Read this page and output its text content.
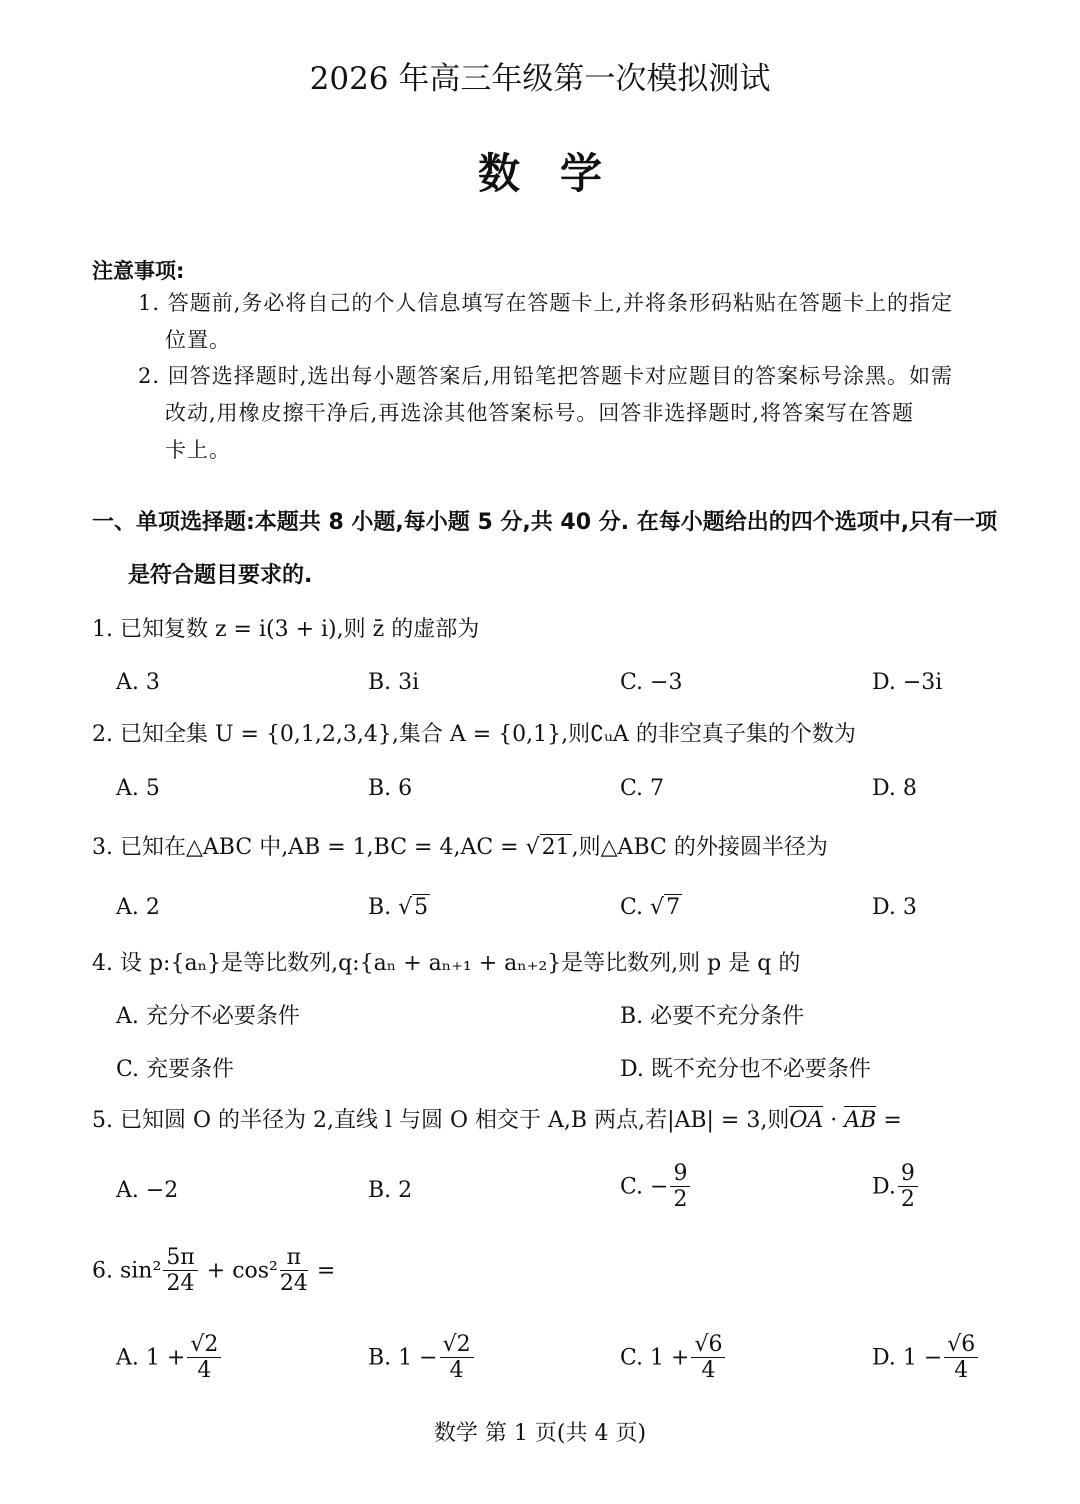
2026 年高三年级第一次模拟测试
数学
注意事项:
1. 答题前,务必将自己的个人信息填写在答题卡上,并将条形码粘贴在答题卡上的指定
位置。
2. 回答选择题时,选出每小题答案后,用铅笔把答题卡对应题目的答案标号涂黑。如需
改动,用橡皮擦干净后,再选涂其他答案标号。回答非选择题时,将答案写在答题
卡上。
一、单项选择题:本题共 8 小题,每小题 5 分,共 40 分. 在每小题给出的四个选项中,只有一项
是符合题目要求的.
1. 已知复数 z = i(3 + i),则 z̄ 的虚部为
A. 3	B. 3i	C. −3	D. −3i
2. 已知全集 U = {0,1,2,3,4},集合 A = {0,1},则∁ᵤA 的非空真子集的个数为
A. 5	B. 6	C. 7	D. 8
3. 已知在△ABC 中,AB = 1,BC = 4,AC = √21,则△ABC 的外接圆半径为
A. 2	B. √5	C. √7	D. 3
4. 设 p:{aₙ}是等比数列,q:{aₙ + aₙ₊₁ + aₙ₊₂}是等比数列,则 p 是 q 的
A. 充分不必要条件	B. 必要不充分条件
C. 充要条件	D. 既不充分也不必要条件
5. 已知圆 O 的半径为 2,直线 l 与圆 O 相交于 A,B 两点,若|AB| = 3,则OA · AB =
A. −2	B. 2	C. − $\frac{9}{2}$	D. $\frac{9}{2}$
6. $\sin^2 \frac{5\pi}{24} + \cos^2 \frac{\pi}{24}$ =
A. $1 + \frac{√2}{4}$	B. $1 - \frac{√2}{4}$	C. $1 + \frac{√6}{4}$	D. $1 - \frac{√6}{4}$
数学 第 1 页(共 4 页)
